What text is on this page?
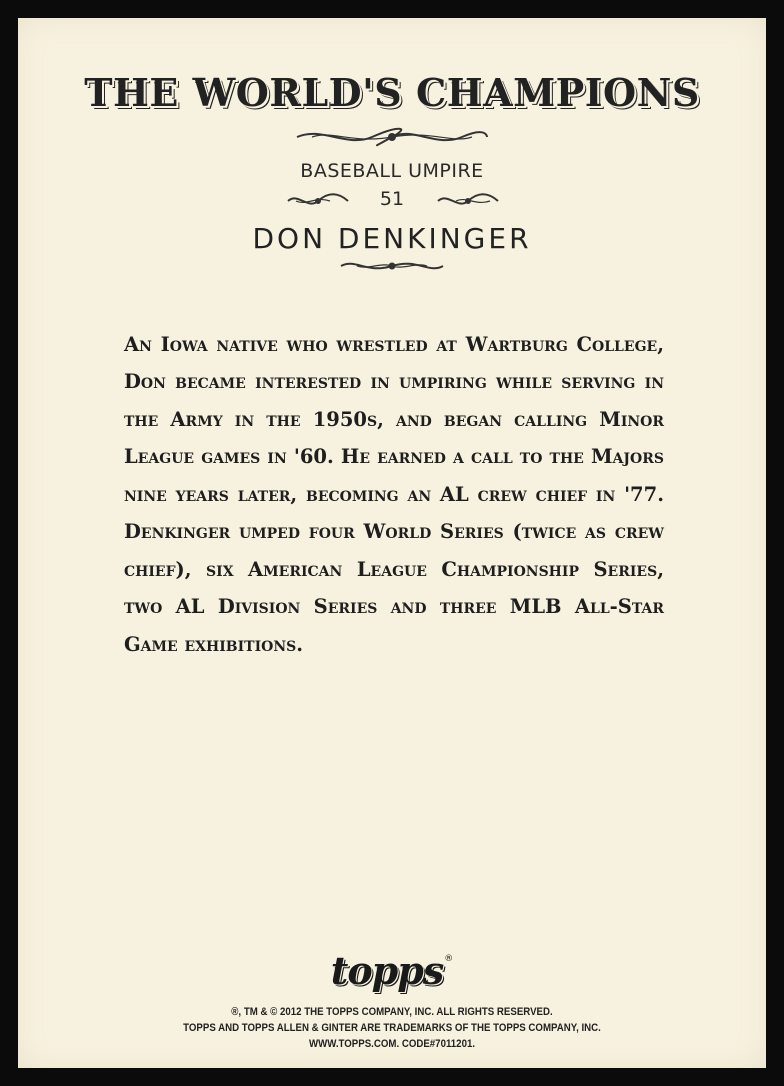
THE WORLD'S CHAMPIONS
BASEBALL UMPIRE
51
DON DENKINGER

An Iowa native who wrestled at Wartburg College, Don became interested in umpiring while serving in the Army in the 1950s, and began calling Minor League games in '60. He earned a call to the Majors nine years later, becoming an AL crew chief in '77. Denkinger umped four World Series (twice as crew chief), six American League Championship Series, two AL Division Series and three MLB All-Star Game exhibitions.

topps®
®, TM & © 2012 THE TOPPS COMPANY, INC. ALL RIGHTS RESERVED.
TOPPS AND TOPPS ALLEN & GINTER ARE TRADEMARKS OF THE TOPPS COMPANY, INC.
WWW.TOPPS.COM. CODE#7011201.
